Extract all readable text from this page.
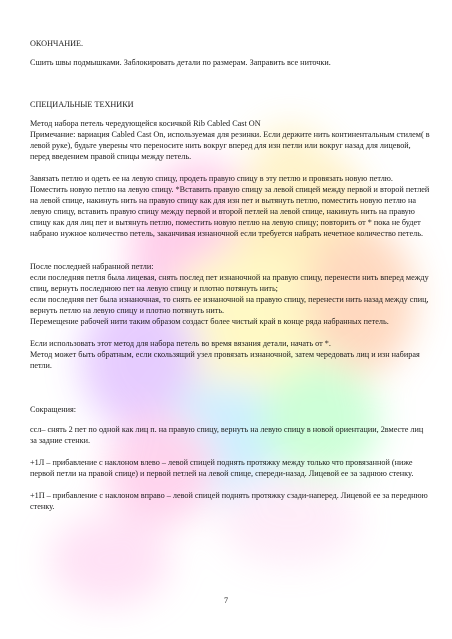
ОКОНЧАНИЕ.

Сшить швы подмышками. Заблокировать детали по размерам. Заправить все ниточки.

СПЕЦИАЛЬНЫЕ ТЕХНИКИ

Метод набора петель чередующейся косичкой Rib Cabled Cast ON

Примечание: вариация Cabled Cast On, используемая для резинки. Если держите нить континентальным стилем( в левой руке), будьте уверены что переносите нить вокруг вперед для изн петли или вокруг назад для лицевой, перед введением правой спицы между петель.

Завязать петлю и одеть ее на левую спицу, продеть правую спицу в эту петлю и провязать новую петлю. Поместить новую петлю на левую спицу. *Вставить правую спицу за левой спицей между первой и второй петлей на левой спице, накинуть нить на правую спицу как для изн пет и вытянуть петлю, поместить новую петлю на левую спицу, вставить правую спицу между первой и второй петлей на левой спице, накинуть нить на правую спицу как для лиц пет и вытянуть петлю, поместить новую петлю на левую спицу; повторить от * пока не будет набрано нужное количество петель, заканчивая изнаночной если требуется набрать нечетное количество петель.

После последней набранной петли:

если последняя петля была лицевая, снять послед пет изнаночной на правую спицу, перенести нить вперед между спиц, вернуть последнюю пет на левую спицу и плотно потянуть нить;

если последняя пет была изнаночная, то снять ее изнаночной на правую спицу, перенести нить назад между спиц, вернуть петлю на левую спицу и плотно потянуть нить.

Перемещение рабочей нити таким образом создаст более чистый край в конце ряда набранных петель.

Если использовать этот метод для набора петель во время вязания детали, начать от *.

Метод может быть обратным, если скользящий узел провязать изнаночной, затем чередовать лиц и изн набирая петли.

Сокращения:

ссл– снять 2 пет по одной как лиц п. на правую спицу, вернуть на левую спицу в новой ориентации, 2вместе лиц за задние стенки.

+1Л – прибавление с наклоном влево – левой спицей поднять протяжку между только что провязанной (ниже первой петли на правой спице) и первой петлей на левой спице, спереди-назад. Лицевой ее за заднюю стенку.

+1П – прибавление с наклоном вправо – левой спицей поднять протяжку сзади-наперед. Лицевой ее за переднюю стенку.

7
